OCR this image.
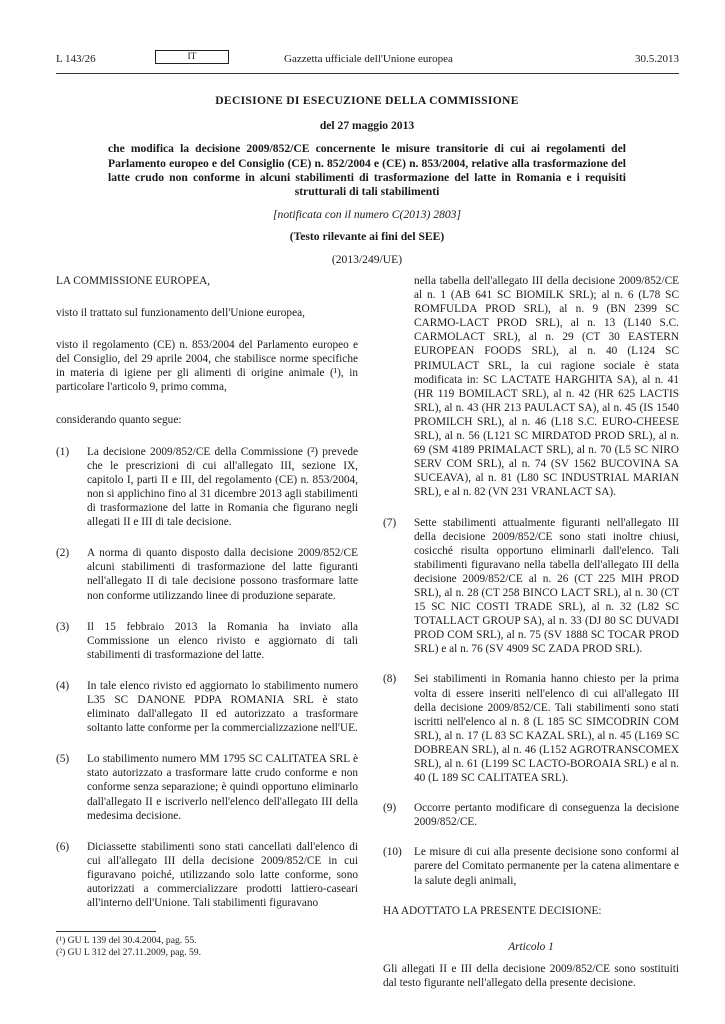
L 143/26	IT	Gazzetta ufficiale dell'Unione europea	30.5.2013
DECISIONE DI ESECUZIONE DELLA COMMISSIONE
del 27 maggio 2013
che modifica la decisione 2009/852/CE concernente le misure transitorie di cui ai regolamenti del Parlamento europeo e del Consiglio (CE) n. 852/2004 e (CE) n. 853/2004, relative alla trasformazione del latte crudo non conforme in alcuni stabilimenti di trasformazione del latte in Romania e i requisiti strutturali di tali stabilimenti
[notificata con il numero C(2013) 2803]
(Testo rilevante ai fini del SEE)
(2013/249/UE)

LA COMMISSIONE EUROPEA,

visto il trattato sul funzionamento dell'Unione europea,

visto il regolamento (CE) n. 853/2004 del Parlamento europeo e del Consiglio, del 29 aprile 2004, che stabilisce norme specifiche in materia di igiene per gli alimenti di origine animale (¹), in particolare l'articolo 9, primo comma,

considerando quanto segue:

(1) La decisione 2009/852/CE della Commissione (²) prevede che le prescrizioni di cui all'allegato III, sezione IX, capitolo I, parti II e III, del regolamento (CE) n. 853/2004, non si applichino fino al 31 dicembre 2013 agli stabilimenti di trasformazione del latte in Romania che figurano negli allegati II e III di tale decisione.
(2) A norma di quanto disposto dalla decisione 2009/852/CE alcuni stabilimenti di trasformazione del latte figuranti nell'allegato II di tale decisione possono trasformare latte non conforme utilizzando linee di produzione separate.
(3) Il 15 febbraio 2013 la Romania ha inviato alla Commissione un elenco rivisto e aggiornato di tali stabilimenti di trasformazione del latte.
(4) In tale elenco rivisto ed aggiornato lo stabilimento numero L35 SC DANONE PDPA ROMANIA SRL è stato eliminato dall'allegato II ed autorizzato a trasformare soltanto latte conforme per la commercializzazione nell'UE.
(5) Lo stabilimento numero MM 1795 SC CALITATEA SRL è stato autorizzato a trasformare latte crudo conforme e non conforme senza separazione; è quindi opportuno eliminarlo dall'allegato II e iscriverlo nell'elenco dell'allegato III della medesima decisione.
(6) Diciassette stabilimenti sono stati cancellati dall'elenco di cui all'allegato III della decisione 2009/852/CE in cui figuravano poiché, utilizzando solo latte conforme, sono autorizzati a commercializzare prodotti lattiero-caseari all'interno dell'Unione. Tali stabilimenti figuravano
nella tabella dell'allegato III della decisione 2009/852/CE al n. 1 (AB 641 SC BIOMILK SRL); al n. 6 (L78 SC ROMFULDA PROD SRL), al n. 9 (BN 2399 SC CARMO-LACT PROD SRL), al n. 13 (L140 S.C. CARMOLACT SRL), al n. 29 (CT 30 EASTERN EUROPEAN FOODS SRL), al n. 40 (L124 SC PRIMULACT SRL, la cui ragione sociale è stata modificata in: SC LACTATE HARGHITA SA), al n. 41 (HR 119 BOMILACT SRL), al n. 42 (HR 625 LACTIS SRL), al n. 43 (HR 213 PAULACT SA), al n. 45 (IS 1540 PROMILCH SRL), al n. 46 (L18 S.C. EURO-CHEESE SRL), al n. 56 (L121 SC MIRDATOD PROD SRL), al n. 69 (SM 4189 PRIMALACT SRL), al n. 70 (L5 SC NIRO SERV COM SRL), al n. 74 (SV 1562 BUCOVINA SA SUCEAVA), al n. 81 (L80 SC INDUSTRIAL MARIAN SRL), e al n. 82 (VN 231 VRANLACT SA).
(7) Sette stabilimenti attualmente figuranti nell'allegato III della decisione 2009/852/CE sono stati inoltre chiusi, cosicché risulta opportuno eliminarli dall'elenco. Tali stabilimenti figuravano nella tabella dell'allegato III della decisione 2009/852/CE al n. 26 (CT 225 MIH PROD SRL), al n. 28 (CT 258 BINCO LACT SRL), al n. 30 (CT 15 SC NIC COSTI TRADE SRL), al n. 32 (L82 SC TOTALLACT GROUP SA), al n. 33 (DJ 80 SC DUVADI PROD COM SRL), al n. 75 (SV 1888 SC TOCAR PROD SRL) e al n. 76 (SV 4909 SC ZADA PROD SRL).
(8) Sei stabilimenti in Romania hanno chiesto per la prima volta di essere inseriti nell'elenco di cui all'allegato III della decisione 2009/852/CE. Tali stabilimenti sono stati iscritti nell'elenco al n. 8 (L 185 SC SIMCODRIN COM SRL), al n. 17 (L 83 SC KAZAL SRL), al n. 45 (L169 SC DOBREAN SRL), al n. 46 (L152 AGROTRANSCOMEX SRL), al n. 61 (L199 SC LACTO-BOROAIA SRL) e al n. 40 (L 189 SC CALITATEA SRL).
(9) Occorre pertanto modificare di conseguenza la decisione 2009/852/CE.
(10) Le misure di cui alla presente decisione sono conformi al parere del Comitato permanente per la catena alimentare e la salute degli animali,

HA ADOTTATO LA PRESENTE DECISIONE:

Articolo 1

Gli allegati II e III della decisione 2009/852/CE sono sostituiti dal testo figurante nell'allegato della presente decisione.

(¹) GU L 139 del 30.4.2004, pag. 55.
(²) GU L 312 del 27.11.2009, pag. 59.
